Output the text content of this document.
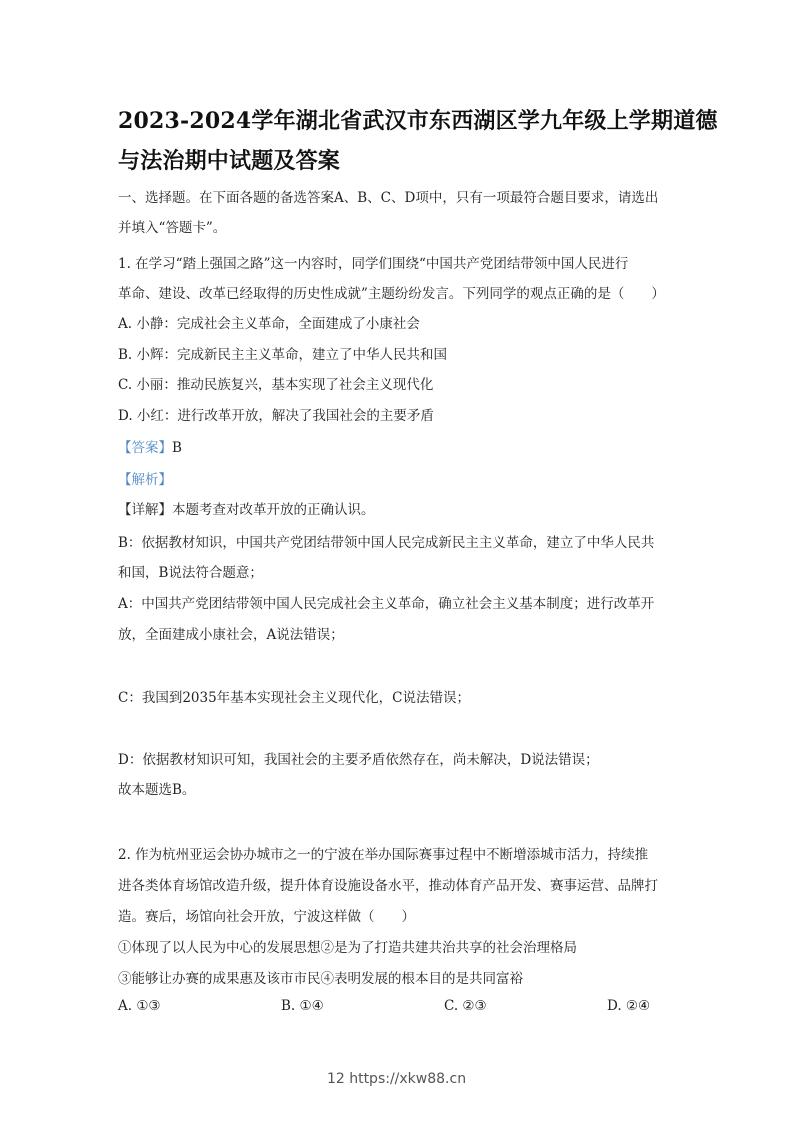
2023-2024学年湖北省武汉市东西湖区学九年级上学期道德
与法治期中试题及答案
一、选择题。在下面各题的备选答案A、B、C、D项中，只有一项最符合题目要求，请选出
并填入“答题卡”。
1. 在学习“踏上强国之路”这一内容时，同学们围绕“中国共产党团结带领中国人民进行
革命、建设、改革已经取得的历史性成就”主题纷纷发言。下列同学的观点正确的是（　　）
A. 小静：完成社会主义革命，全面建成了小康社会
B. 小辉：完成新民主主义革命，建立了中华人民共和国
C. 小丽：推动民族复兴，基本实现了社会主义现代化
D. 小红：进行改革开放，解决了我国社会的主要矛盾
【答案】B
【解析】
【详解】本题考查对改革开放的正确认识。
B：依据教材知识，中国共产党团结带领中国人民完成新民主主义革命，建立了中华人民共
和国，B说法符合题意；
A：中国共产党团结带领中国人民完成社会主义革命，确立社会主义基本制度；进行改革开
放，全面建成小康社会，A说法错误；
C：我国到2035年基本实现社会主义现代化，C说法错误；
D：依据教材知识可知，我国社会的主要矛盾依然存在，尚未解决，D说法错误；
故本题选B。
2. 作为杭州亚运会协办城市之一的宁波在举办国际赛事过程中不断增添城市活力，持续推
进各类体育场馆改造升级，提升体育设施设备水平，推动体育产品开发、赛事运营、品牌打
造。赛后，场馆向社会开放，宁波这样做（　　）
①体现了以人民为中心的发展思想②是为了打造共建共治共享的社会治理格局
③能够让办赛的成果惠及该市市民④表明发展的根本目的是共同富裕
A. ①③	B. ①④	C. ②③	D. ②④
12 https://xkw88.cn
